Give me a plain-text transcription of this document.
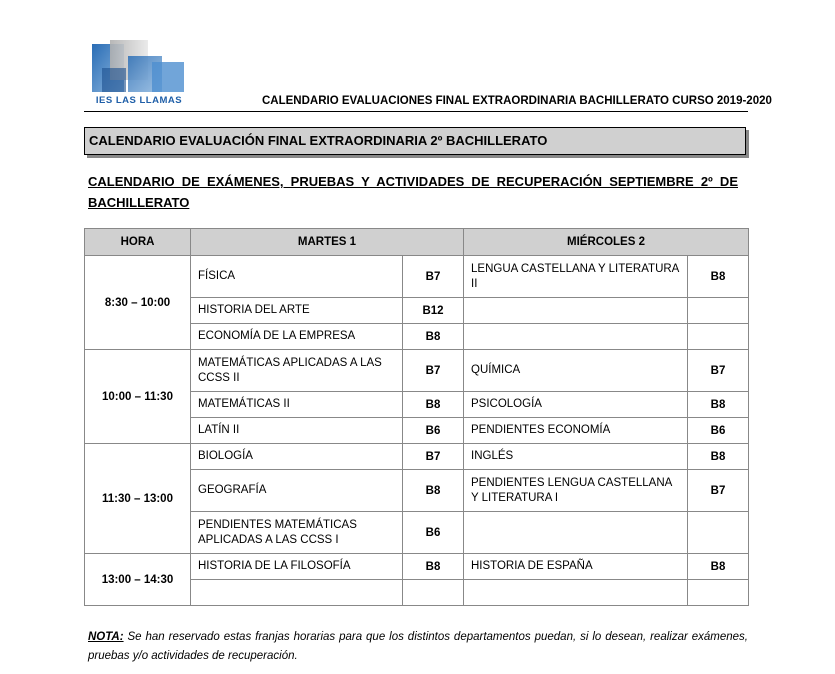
IES LAS LLAMAS	CALENDARIO EVALUACIONES FINAL EXTRAORDINARIA BACHILLERATO CURSO 2019-2020
CALENDARIO EVALUACIÓN FINAL EXTRAORDINARIA 2º BACHILLERATO
CALENDARIO DE EXÁMENES, PRUEBAS Y ACTIVIDADES DE RECUPERACIÓN SEPTIEMBRE 2º DE BACHILLERATO
HORA	MARTES 1		MIÉRCOLES 2	
8:30 – 10:00	FÍSICA	B7	LENGUA CASTELLANA Y LITERATURA II	B8
	HISTORIA DEL ARTE	B12		
	ECONOMÍA DE LA EMPRESA	B8		
10:00 – 11:30	MATEMÁTICAS APLICADAS A LAS CCSS II	B7	QUÍMICA	B7
	MATEMÁTICAS II	B8	PSICOLOGÍA	B8
	LATÍN II	B6	PENDIENTES ECONOMÍA	B6
11:30 – 13:00	BIOLOGÍA	B7	INGLÉS	B8
	GEOGRAFÍA	B8	PENDIENTES LENGUA CASTELLANA Y LITERATURA I	B7
	PENDIENTES MATEMÁTICAS APLICADAS A LAS CCSS I	B6		
13:00 – 14:30	HISTORIA DE LA FILOSOFÍA	B8	HISTORIA DE ESPAÑA	B8

NOTA: Se han reservado estas franjas horarias para que los distintos departamentos puedan, si lo desean, realizar exámenes, pruebas y/o actividades de recuperación.
